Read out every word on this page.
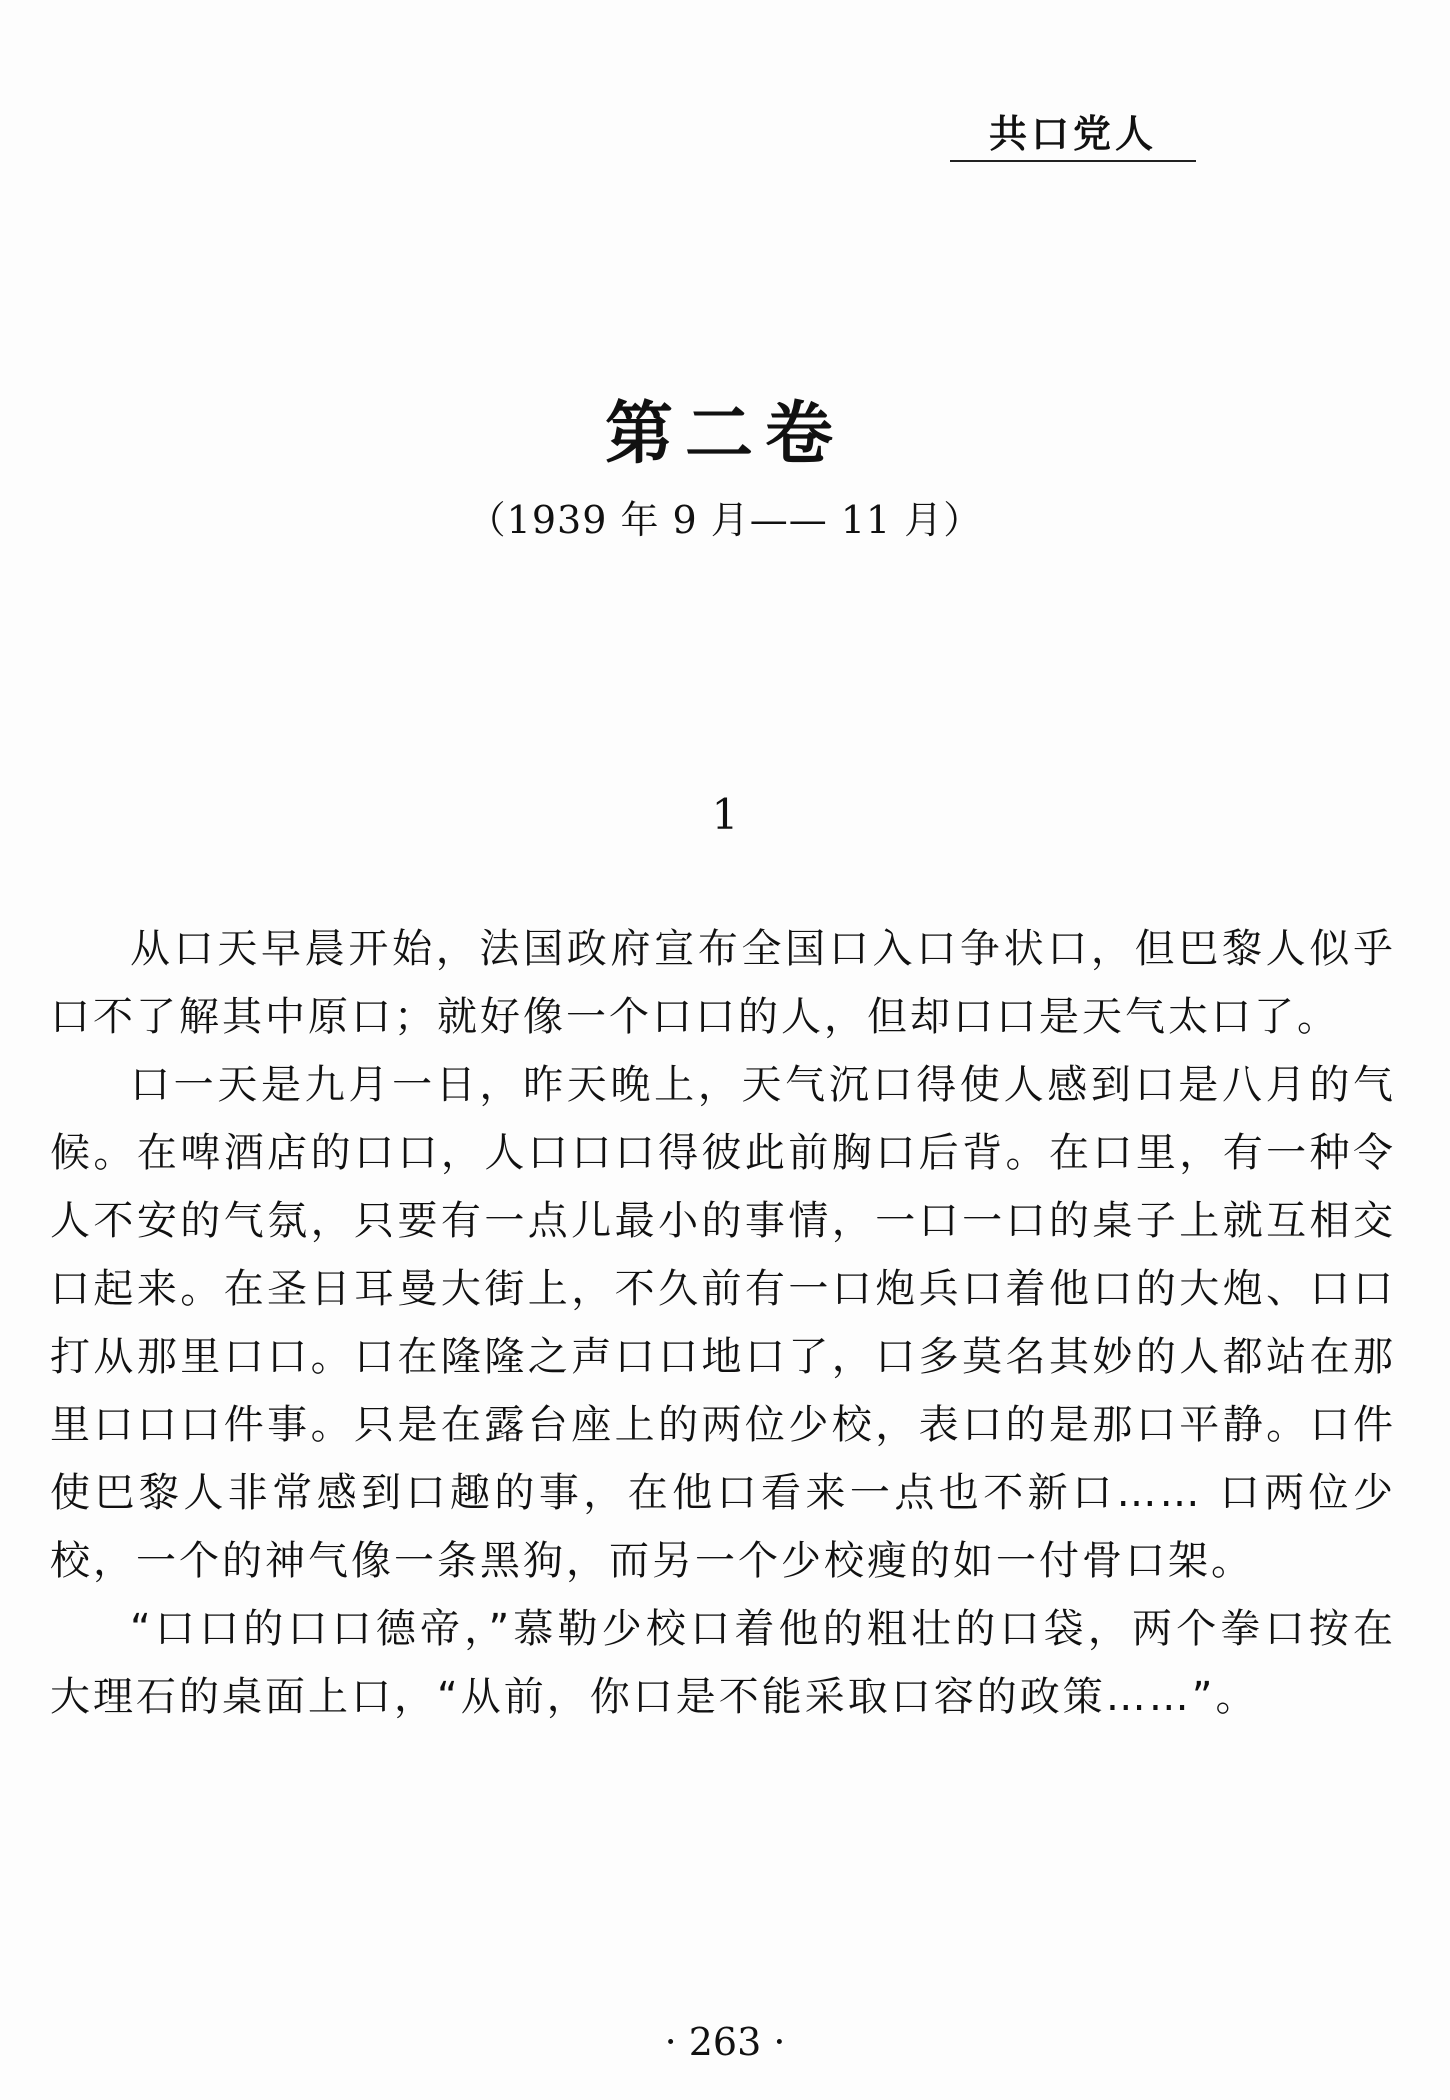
共口党人
第二卷
（1939 年 9 月—— 11 月）
1

从口天早晨开始，法国政府宣布全国口入口争状口，但巴黎人似乎口不了解其中原口；就好像一个口口的人，但却口口是天气太口了。

口一天是九月一日，昨天晚上，天气沉口得使人感到口是八月的气候。在啤酒店的口口，人口口口得彼此前胸口后背。在口里，有一种令人不安的气氛，只要有一点儿最小的事情，一口一口的桌子上就互相交口起来。在圣日耳曼大街上，不久前有一口炮兵口着他口的大炮、口口打从那里口口。口在隆隆之声口口地口了，口多莫名其妙的人都站在那里口口口件事。只是在露台座上的两位少校，表口的是那口平静。口件使巴黎人非常感到口趣的事，在他口看来一点也不新口…… 口两位少校，一个的神气像一条黑狗，而另一个少校瘦的如一付骨口架。

“口口的口口德帝，”慕勒少校口着他的粗壮的口袋，两个拳口按在大理石的桌面上口，“从前，你口是不能采取口容的政策……”。

· 263 ·
